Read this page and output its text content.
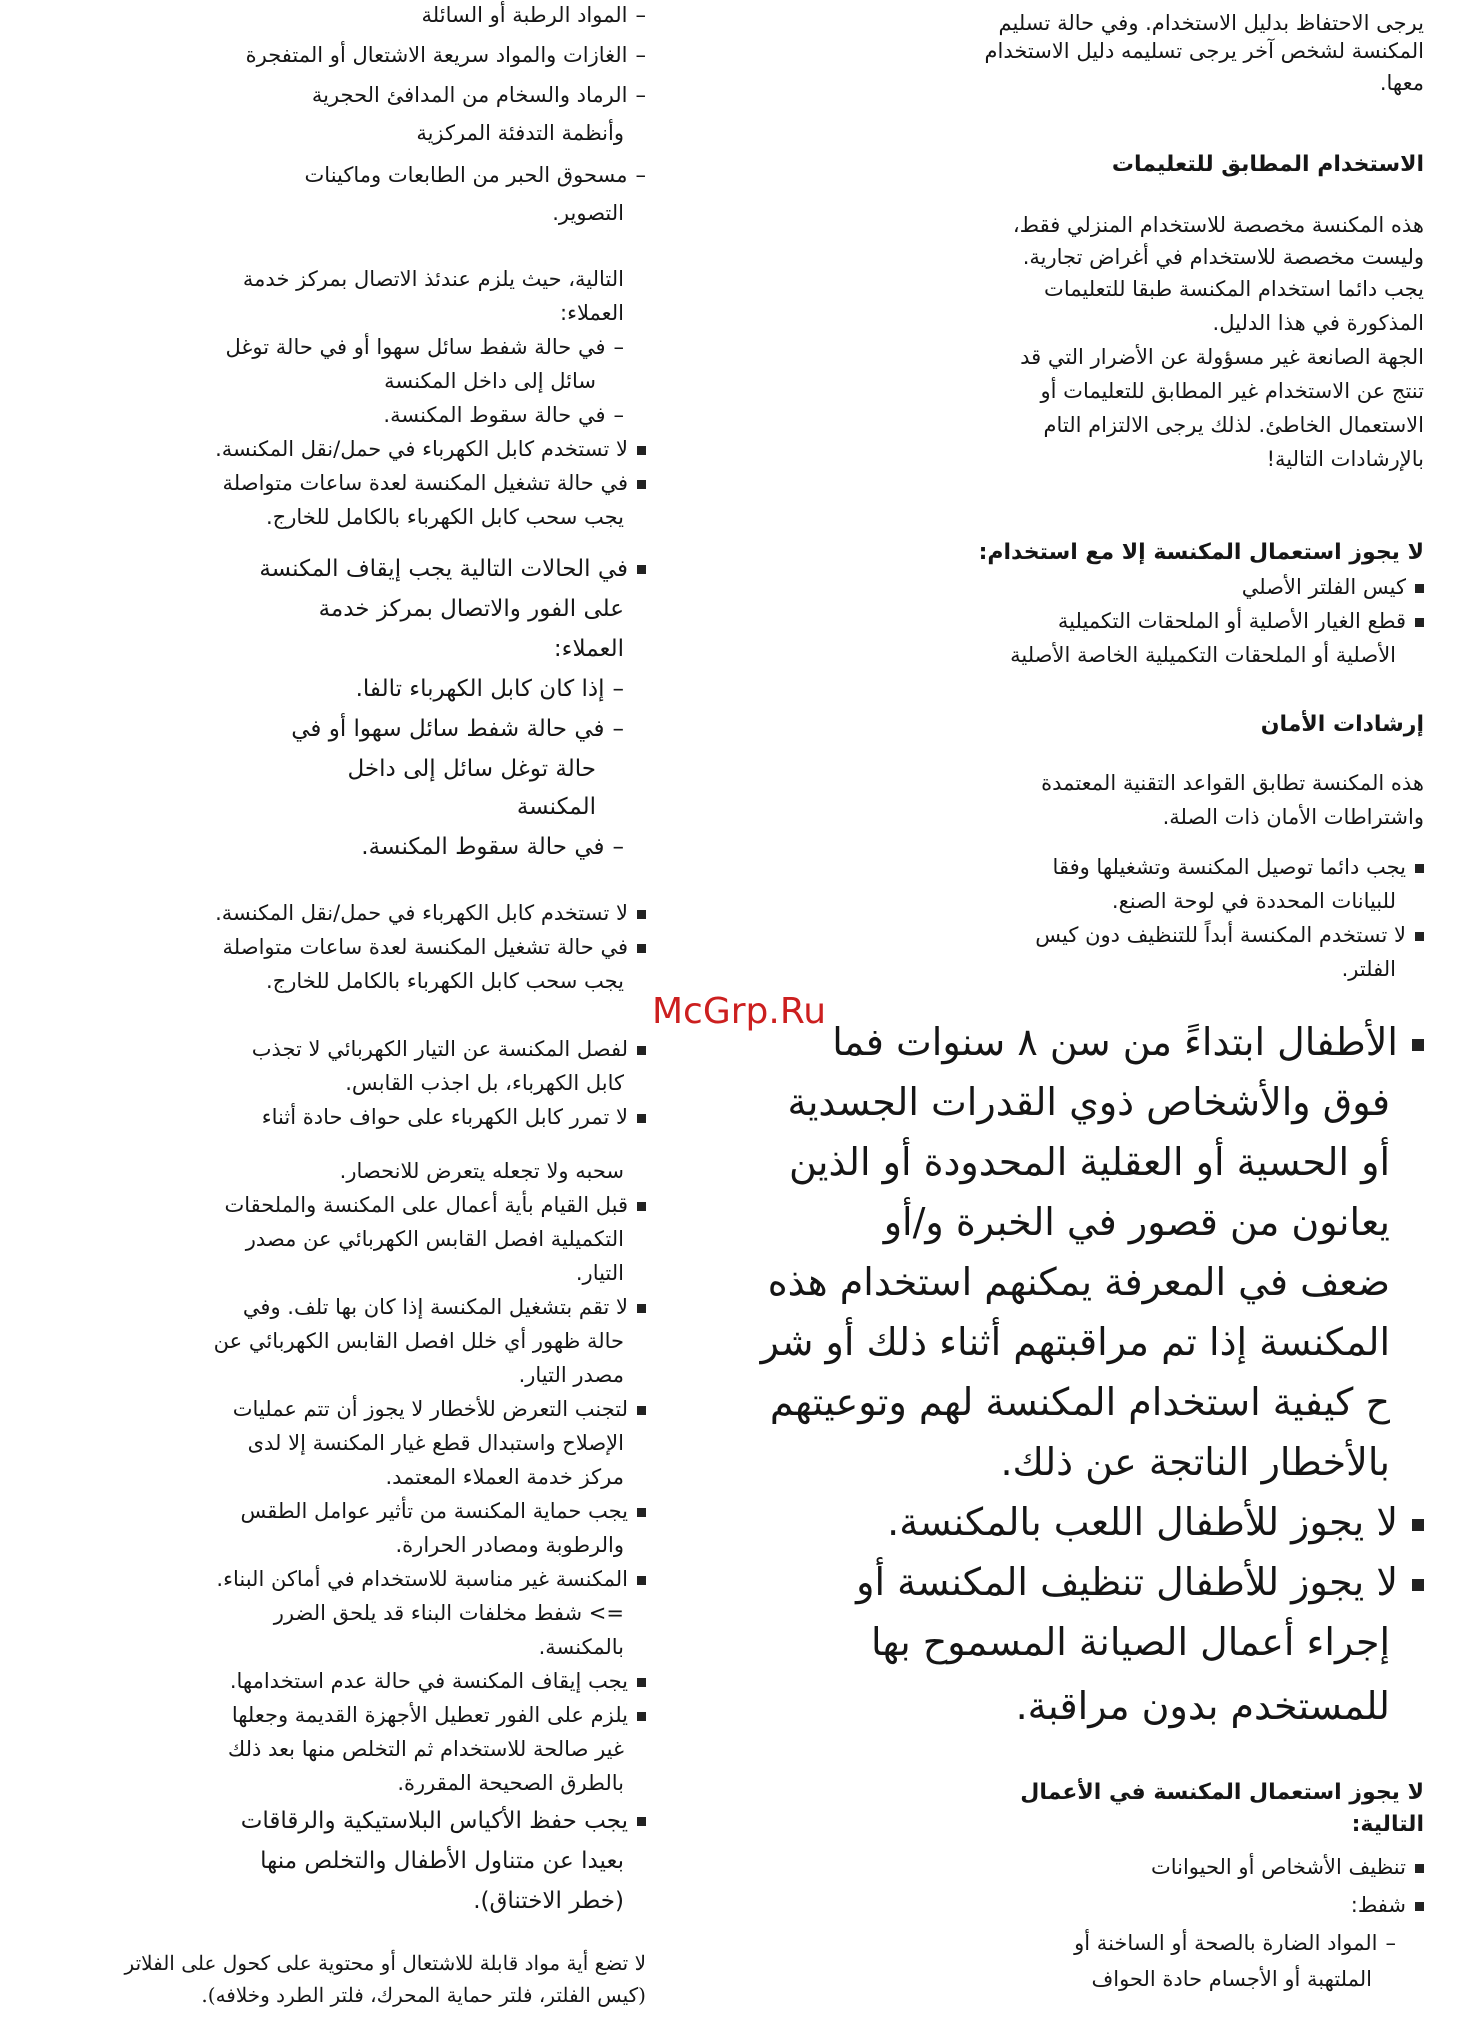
McGrp.Ru
يرجى الاحتفاظ بدليل الاستخدام. وفي حالة تسليم
المكنسة لشخص آخر يرجى تسليمه دليل الاستخدام
معها.
الاستخدام المطابق للتعليمات
هذه المكنسة مخصصة للاستخدام المنزلي فقط،
وليست مخصصة للاستخدام في أغراض تجارية.
يجب دائما استخدام المكنسة طبقا للتعليمات
المذكورة في هذا الدليل.
الجهة الصانعة غير مسؤولة عن الأضرار التي قد
تنتج عن الاستخدام غير المطابق للتعليمات أو
الاستعمال الخاطئ. لذلك يرجى الالتزام التام
بالإرشادات التالية!
لا يجوز استعمال المكنسة إلا مع استخدام:
كيس الفلتر الأصلي
قطع الغيار الأصلية أو الملحقات التكميلية
الأصلية أو الملحقات التكميلية الخاصة الأصلية
إرشادات الأمان
هذه المكنسة تطابق القواعد التقنية المعتمدة
واشتراطات الأمان ذات الصلة.
يجب دائما توصيل المكنسة وتشغيلها وفقا
للبيانات المحددة في لوحة الصنع.
لا تستخدم المكنسة أبداً للتنظيف دون كيس
الفلتر.
الأطفال ابتداءً من سن ٨ سنوات فما
فوق والأشخاص ذوي القدرات الجسدية
أو الحسية أو العقلية المحدودة أو الذين
يعانون من قصور في الخبرة و/أو
ضعف في المعرفة يمكنهم استخدام هذه
المكنسة إذا تم مراقبتهم أثناء ذلك أو شر
ح كيفية استخدام المكنسة لهم وتوعيتهم
بالأخطار الناتجة عن ذلك.
لا يجوز للأطفال اللعب بالمكنسة.
لا يجوز للأطفال تنظيف المكنسة أو
إجراء أعمال الصيانة المسموح بها
للمستخدم بدون مراقبة.
لا يجوز استعمال المكنسة في الأعمال
التالية:
تنظيف الأشخاص أو الحيوانات
شفط:
–المواد الضارة بالصحة أو الساخنة أو
الملتهبة أو الأجسام حادة الحواف
–المواد الرطبة أو السائلة
–الغازات والمواد سريعة الاشتعال أو المتفجرة
–الرماد والسخام من المدافئ الحجرية
وأنظمة التدفئة المركزية
–مسحوق الحبر من الطابعات وماكينات
التصوير.
التالية، حيث يلزم عندئذ الاتصال بمركز خدمة
العملاء:
–في حالة شفط سائل سهوا أو في حالة توغل
سائل إلى داخل المكنسة
–في حالة سقوط المكنسة.
لا تستخدم كابل الكهرباء في حمل/نقل المكنسة.
في حالة تشغيل المكنسة لعدة ساعات متواصلة
يجب سحب كابل الكهرباء بالكامل للخارج.
في الحالات التالية يجب إيقاف المكنسة
على الفور والاتصال بمركز خدمة
العملاء:
–إذا كان كابل الكهرباء تالفا.
–في حالة شفط سائل سهوا أو في
حالة توغل سائل إلى داخل
المكنسة
–في حالة سقوط المكنسة.
لا تستخدم كابل الكهرباء في حمل/نقل المكنسة.
في حالة تشغيل المكنسة لعدة ساعات متواصلة
يجب سحب كابل الكهرباء بالكامل للخارج.
لفصل المكنسة عن التيار الكهربائي لا تجذب
كابل الكهرباء، بل اجذب القابس.
لا تمرر كابل الكهرباء على حواف حادة أثناء
سحبه ولا تجعله يتعرض للانحصار.
قبل القيام بأية أعمال على المكنسة والملحقات
التكميلية افصل القابس الكهربائي عن مصدر
التيار.
لا تقم بتشغيل المكنسة إذا كان بها تلف. وفي
حالة ظهور أي خلل افصل القابس الكهربائي عن
مصدر التيار.
لتجنب التعرض للأخطار لا يجوز أن تتم عمليات
الإصلاح واستبدال قطع غيار المكنسة إلا لدى
مركز خدمة العملاء المعتمد.
يجب حماية المكنسة من تأثير عوامل الطقس
والرطوبة ومصادر الحرارة.
المكنسة غير مناسبة للاستخدام في أماكن البناء.
=> شفط مخلفات البناء قد يلحق الضرر
بالمكنسة.
يجب إيقاف المكنسة في حالة عدم استخدامها.
يلزم على الفور تعطيل الأجهزة القديمة وجعلها
غير صالحة للاستخدام ثم التخلص منها بعد ذلك
بالطرق الصحيحة المقررة.
يجب حفظ الأكياس البلاستيكية والرقاقات
بعيدا عن متناول الأطفال والتخلص منها
(خطر الاختناق).
لا تضع أية مواد قابلة للاشتعال أو محتوية على كحول على الفلاتر
(كيس الفلتر، فلتر حماية المحرك، فلتر الطرد وخلافه).
